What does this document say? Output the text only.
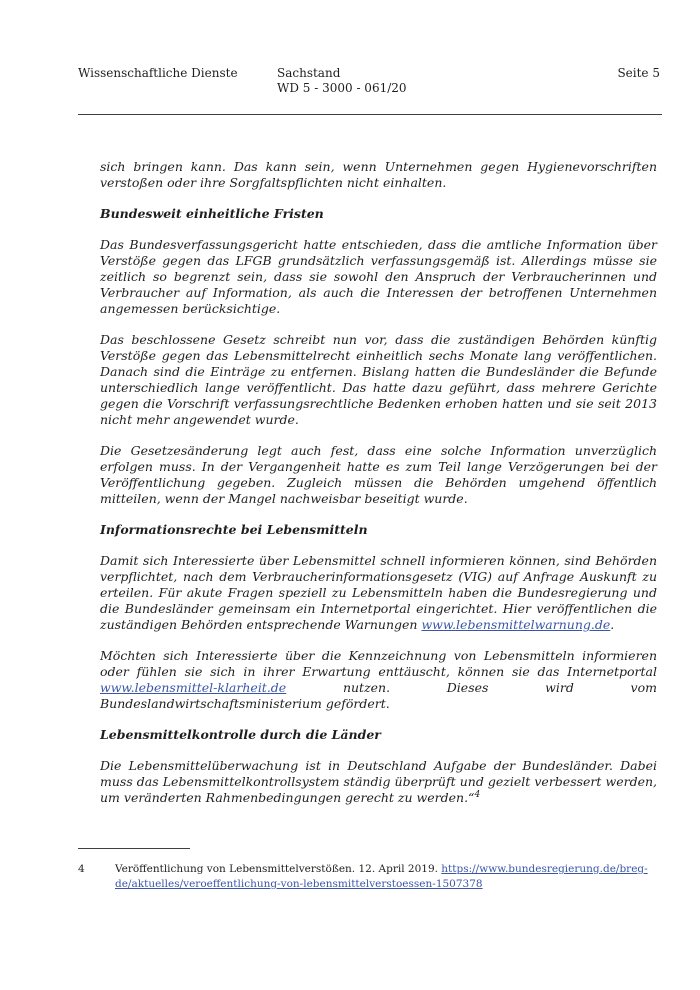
Wissenschaftliche Dienste	Sachstand
WD 5 - 3000 - 061/20
Seite 5

sich bringen kann. Das kann sein, wenn Unternehmen gegen Hygienevorschriften verstoßen oder ihre Sorgfaltspflichten nicht einhalten.

Bundesweit einheitliche Fristen

Das Bundesverfassungsgericht hatte entschieden, dass die amtliche Information über Verstöße gegen das LFGB grundsätzlich verfassungsgemäß ist. Allerdings müsse sie zeitlich so begrenzt sein, dass sie sowohl den Anspruch der Verbraucherinnen und Verbraucher auf Information, als auch die Interessen der betroffenen Unternehmen angemessen berücksichtige.

Das beschlossene Gesetz schreibt nun vor, dass die zuständigen Behörden künftig Verstöße gegen das Lebensmittelrecht einheitlich sechs Monate lang veröffentlichen. Danach sind die Einträge zu entfernen. Bislang hatten die Bundesländer die Befunde unterschiedlich lange veröffentlicht. Das hatte dazu geführt, dass mehrere Gerichte gegen die Vorschrift verfassungsrechtliche Bedenken erhoben hatten und sie seit 2013 nicht mehr angewendet wurde.

Die Gesetzesänderung legt auch fest, dass eine solche Information unverzüglich erfolgen muss. In der Vergangenheit hatte es zum Teil lange Verzögerungen bei der Veröffentlichung gegeben. Zugleich müssen die Behörden umgehend öffentlich mitteilen, wenn der Mangel nachweisbar beseitigt wurde.

Informationsrechte bei Lebensmitteln

Damit sich Interessierte über Lebensmittel schnell informieren können, sind Behörden verpflichtet, nach dem Verbraucherinformationsgesetz (VIG) auf Anfrage Auskunft zu erteilen. Für akute Fragen speziell zu Lebensmitteln haben die Bundesregierung und die Bundesländer gemeinsam ein Internetportal eingerichtet. Hier veröffentlichen die zuständigen Behörden entsprechende Warnungen www.lebensmittelwarnung.de.

Möchten sich Interessierte über die Kennzeichnung von Lebensmitteln informieren oder fühlen sie sich in ihrer Erwartung enttäuscht, können sie das Internetportal www.lebensmittel-klarheit.de nutzen. Dieses wird vom Bundeslandwirtschaftsministerium gefördert.

Lebensmittelkontrolle durch die Länder

Die Lebensmittelüberwachung ist in Deutschland Aufgabe der Bundesländer. Dabei muss das Lebensmittelkontrollsystem ständig überprüft und gezielt verbessert werden, um veränderten Rahmenbedingungen gerecht zu werden.“$^4$

4	Veröffentlichung von Lebensmittelverstößen. 12. April 2019. https://www.bundesregierung.de/breg-de/aktuelles/veroeffentlichung-von-lebensmittelverstoessen-1507378
